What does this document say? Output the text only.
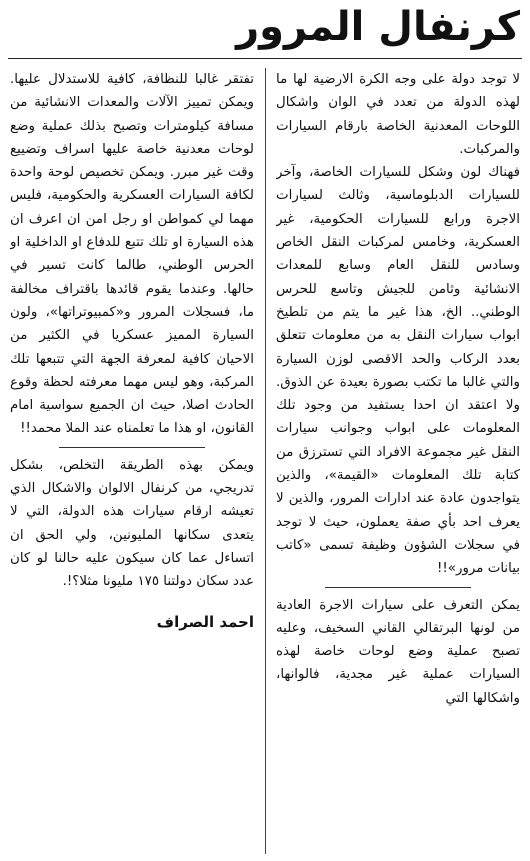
كرنفال المرور

لا توجد دولة على وجه الكرة الارضية لها ما لهذه الدولة من تعدد في الوان واشكال اللوحات المعدنية الخاصة بارقام السيارات والمركبات.

فهناك لون وشكل للسيارات الخاصة، وآخر للسيارات الدبلوماسية، وثالث لسيارات الاجرة ورابع للسيارات الحكومية، غير العسكرية، وخامس لمركبات النقل الخاص وسادس للنقل العام وسابع للمعدات الانشائية وثامن للجيش وتاسع للحرس الوطني.. الخ، هذا غير ما يتم من تلطيخ ابواب سيارات النقل به من معلومات تتعلق بعدد الركاب والحد الاقصى لوزن السيارة والتي غالبا ما تكتب بصورة بعيدة عن الذوق. ولا اعتقد ان احدا يستفيد من وجود تلك المعلومات على ابواب وجوانب سيارات النقل غير مجموعة الافراد التي تسترزق من كتابة تلك المعلومات «القيمة»، والذين يتواجدون عادة عند ادارات المرور، والذين لا يعرف احد بأي صفة يعملون، حيث لا توجد في سجلات الشؤون وظيفة تسمى «كاتب بيانات مرور»!!

يمكن التعرف على سيارات الاجرة العادية من لونها البرتقالي القاني السخيف، وعليه تصبح عملية وضع لوحات خاصة لهذه السيارات عملية غير مجدية، فالوانها، واشكالها التي

تفتقر غالبا للنظافة، كافية للاستدلال عليها. ويمكن تمييز الآلات والمعدات الانشائية من مسافة كيلومترات وتصبح بذلك عملية وضع لوحات معدنية خاصة عليها اسراف وتضييع وقت غير مبرر. ويمكن تخصيص لوحة واحدة لكافة السيارات العسكرية والحكومية، فليس مهما لي كمواطن او رجل امن ان اعرف ان هذه السيارة او تلك تتبع للدفاع او الداخلية او الحرس الوطني، طالما كانت تسير في حالها. وعندما يقوم قائدها باقتراف مخالفة ما، فسجلات المرور و«كمبيوتراتها»، ولون السيارة المميز عسكريا في الكثير من الاحيان كافية لمعرفة الجهة التي تتبعها تلك المركبة، وهو ليس مهما معرفته لحظة وقوع الحادث اصلا، حيث ان الجميع سواسية امام القانون، او هذا ما تعلمناه عند الملا محمد!!

ويمكن بهذه الطريقة التخلص، بشكل تدريجي، من كرنفال الالوان والاشكال الذي تعيشه ارقام سيارات هذه الدولة، التي لا يتعدى سكانها المليونين، ولي الحق ان اتساءل عما كان سيكون عليه حالنا لو كان عدد سكان دولتنا ١٧٥ مليونا مثلا؟!.

احمد الصراف
